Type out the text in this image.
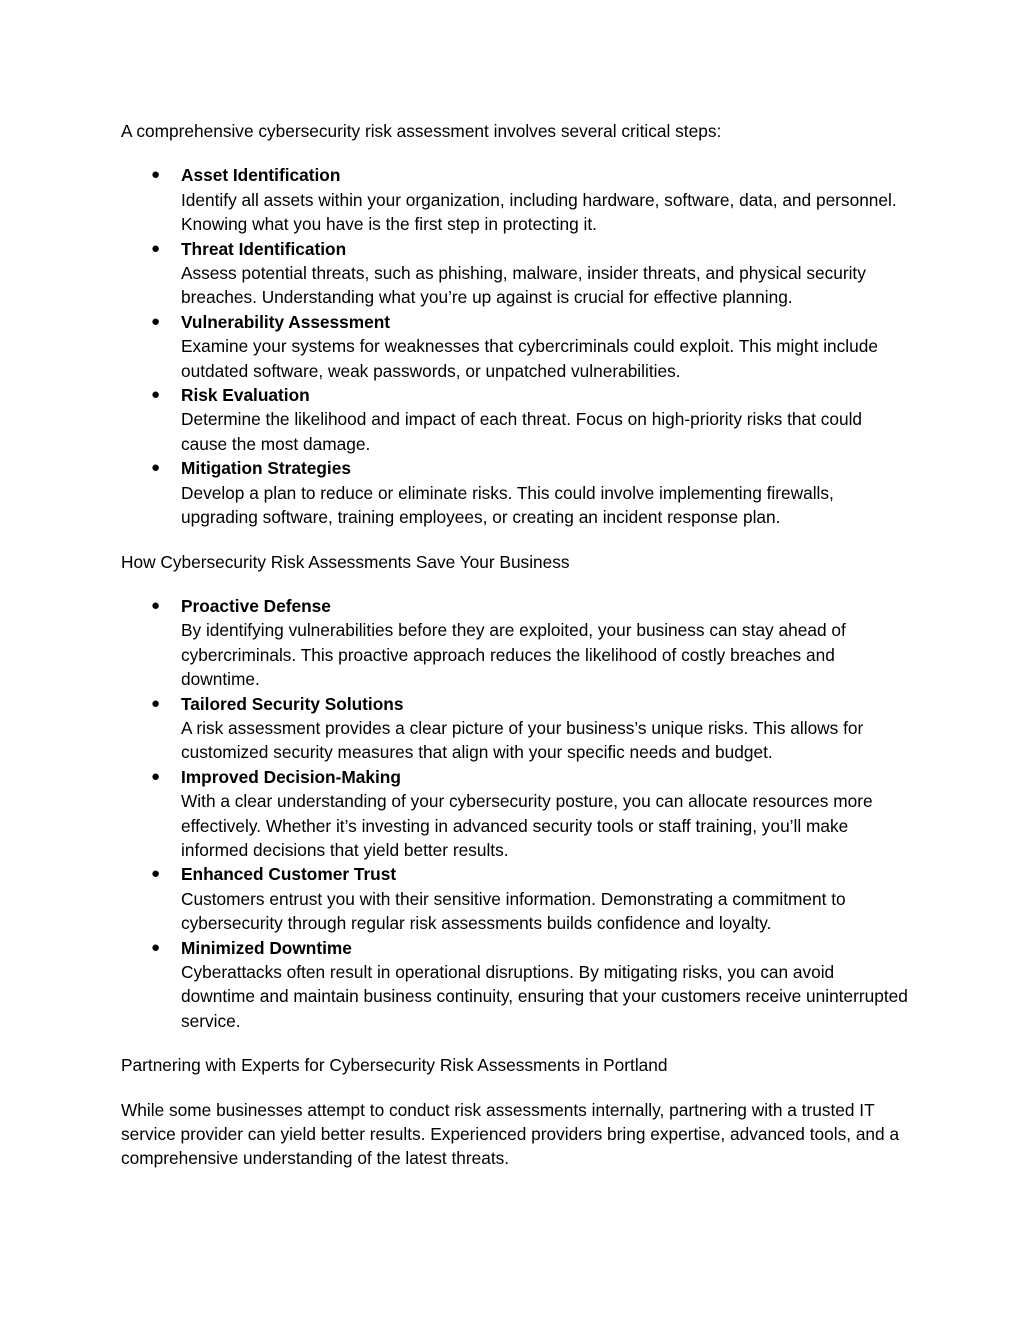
A comprehensive cybersecurity risk assessment involves several critical steps:

● Asset Identification
Identify all assets within your organization, including hardware, software, data, and personnel. Knowing what you have is the first step in protecting it.
● Threat Identification
Assess potential threats, such as phishing, malware, insider threats, and physical security breaches. Understanding what you’re up against is crucial for effective planning.
● Vulnerability Assessment
Examine your systems for weaknesses that cybercriminals could exploit. This might include outdated software, weak passwords, or unpatched vulnerabilities.
● Risk Evaluation
Determine the likelihood and impact of each threat. Focus on high-priority risks that could cause the most damage.
● Mitigation Strategies
Develop a plan to reduce or eliminate risks. This could involve implementing firewalls, upgrading software, training employees, or creating an incident response plan.

How Cybersecurity Risk Assessments Save Your Business

● Proactive Defense
By identifying vulnerabilities before they are exploited, your business can stay ahead of cybercriminals. This proactive approach reduces the likelihood of costly breaches and downtime.
● Tailored Security Solutions
A risk assessment provides a clear picture of your business’s unique risks. This allows for customized security measures that align with your specific needs and budget.
● Improved Decision-Making
With a clear understanding of your cybersecurity posture, you can allocate resources more effectively. Whether it’s investing in advanced security tools or staff training, you’ll make informed decisions that yield better results.
● Enhanced Customer Trust
Customers entrust you with their sensitive information. Demonstrating a commitment to cybersecurity through regular risk assessments builds confidence and loyalty.
● Minimized Downtime
Cyberattacks often result in operational disruptions. By mitigating risks, you can avoid downtime and maintain business continuity, ensuring that your customers receive uninterrupted service.

Partnering with Experts for Cybersecurity Risk Assessments in Portland

While some businesses attempt to conduct risk assessments internally, partnering with a trusted IT service provider can yield better results. Experienced providers bring expertise, advanced tools, and a comprehensive understanding of the latest threats.
